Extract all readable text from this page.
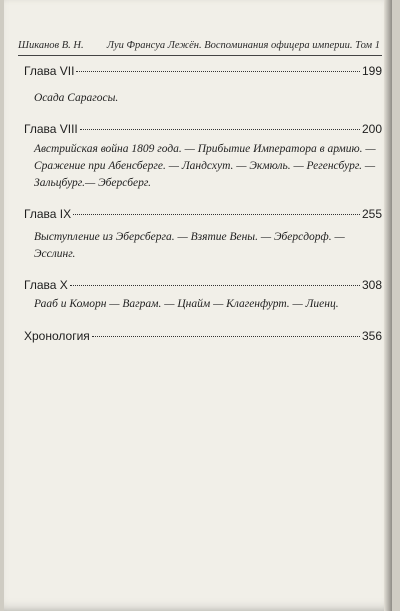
Шиканов В. Н. Луи Франсуа Лежён. Воспоминания офицера империи. Том 1
Глава VII	199
Осада Сарагосы.
Глава VIII	200
Австрийская война 1809 года. — Прибытие Императора в армию. — Сражение при Абенсберге. — Ландсхут. — Экмюль. — Регенсбург. — Зальцбург.— Эберсберг.
Глава IX	255
Выступление из Эберсберга. — Взятие Вены. — Эберсдорф. — Эсслинг.
Глава X	308
Рааб и Коморн — Ваграм. — Цнайм — Клагенфурт. — Лиенц.
Хронология	356
